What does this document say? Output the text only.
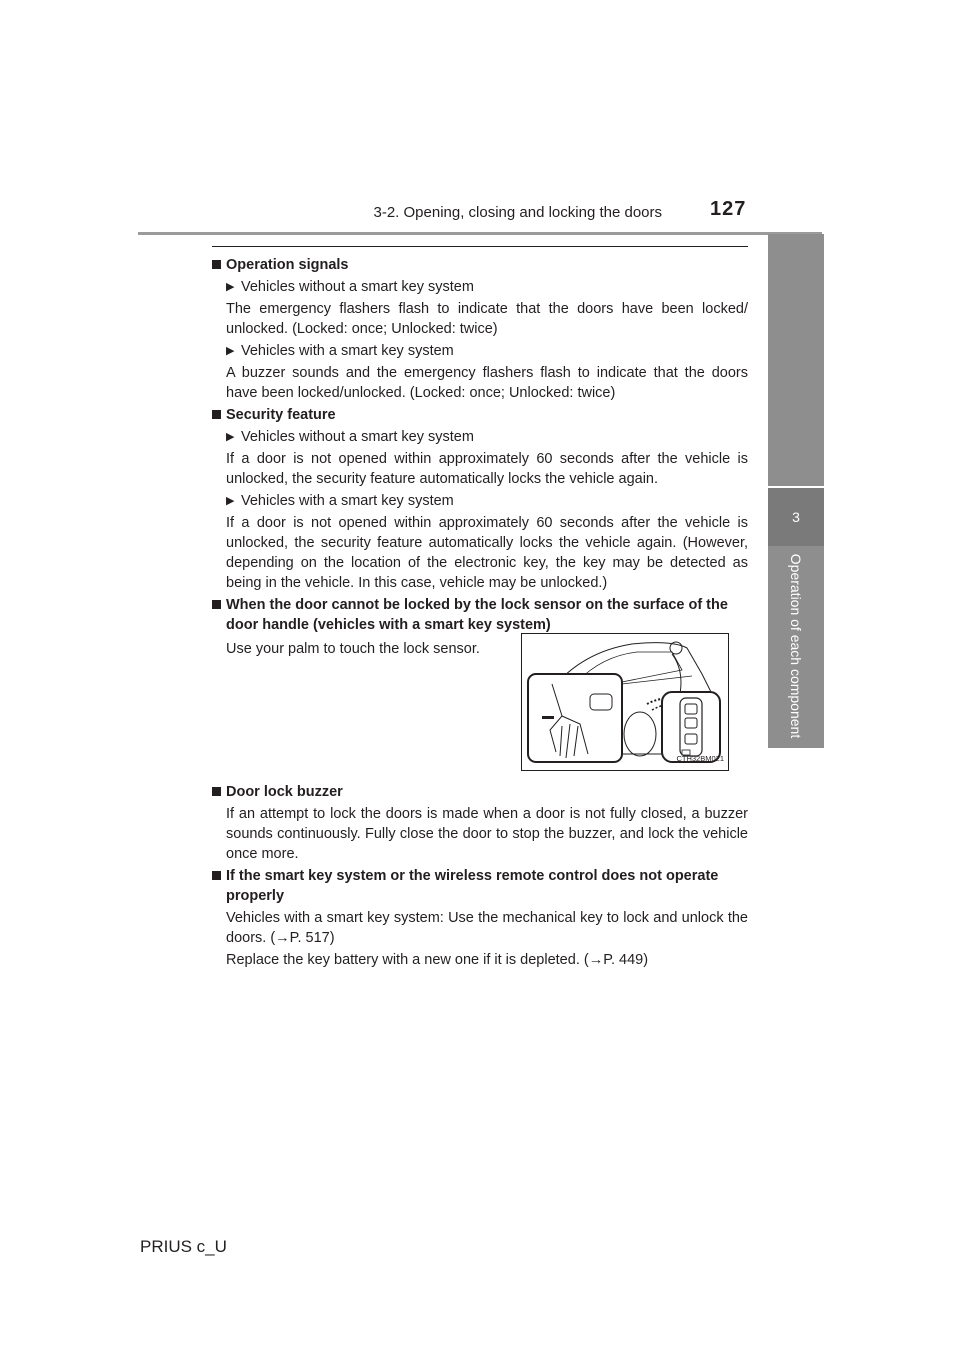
3-2. Opening, closing and locking the doors 127
3
Operation of each component

Operation signals

▶ Vehicles without a smart key system

The emergency flashers flash to indicate that the doors have been locked/ unlocked. (Locked: once; Unlocked: twice)

▶ Vehicles with a smart key system

A buzzer sounds and the emergency flashers flash to indicate that the doors have been locked/unlocked. (Locked: once; Unlocked: twice)

Security feature

▶ Vehicles without a smart key system

If a door is not opened within approximately 60 seconds after the vehicle is unlocked, the security feature automatically locks the vehicle again.

▶ Vehicles with a smart key system

If a door is not opened within approximately 60 seconds after the vehicle is unlocked, the security feature automatically locks the vehicle again. (However, depending on the location of the electronic key, the key may be detected as being in the vehicle. In this case, vehicle may be unlocked.)

When the door cannot be locked by the lock sensor on the surface of the door handle (vehicles with a smart key system)

Use your palm to touch the lock sensor.
CTH32BM021

Door lock buzzer

If an attempt to lock the doors is made when a door is not fully closed, a buzzer sounds continuously. Fully close the door to stop the buzzer, and lock the vehicle once more.

If the smart key system or the wireless remote control does not operate properly

Vehicles with a smart key system: Use the mechanical key to lock and unlock the doors. (→P. 517)

Replace the key battery with a new one if it is depleted. (→P. 449)

PRIUS c_U
